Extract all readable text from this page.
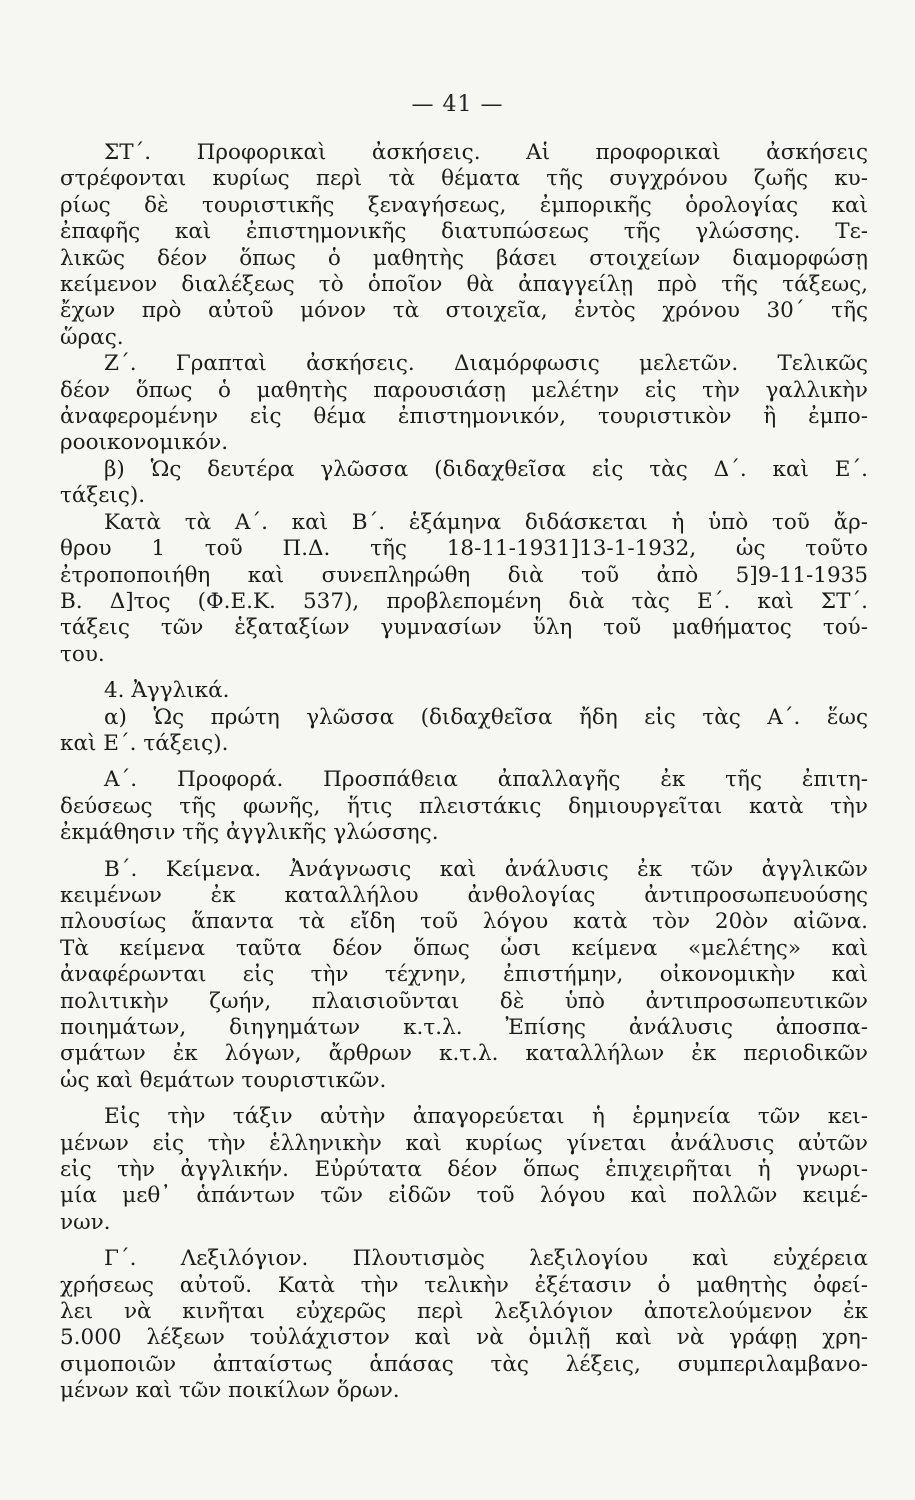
— 41 —
ΣΤ΄. Προφορικαὶ ἀσκήσεις. Αἱ προφορικαὶ ἀσκήσεις
στρέφονται κυρίως περὶ τὰ θέματα τῆς συγχρόνου ζωῆς κυ-
ρίως δὲ τουριστικῆς ξεναγήσεως, ἐμπορικῆς ὁρολογίας καὶ
ἐπαφῆς καὶ ἐπιστημονικῆς διατυπώσεως τῆς γλώσσης. Τε-
λικῶς δέον ὅπως ὁ μαθητὴς βάσει στοιχείων διαμορφώσῃ
κείμενον διαλέξεως τὸ ὁποῖον θὰ ἀπαγγείλῃ πρὸ τῆς τάξεως,
ἔχων πρὸ αὐτοῦ μόνον τὰ στοιχεῖα, ἐντὸς χρόνου 30΄ τῆς
ὥρας.
Ζ΄. Γραπταὶ ἀσκήσεις. Διαμόρφωσις μελετῶν. Τελικῶς
δέον ὅπως ὁ μαθητὴς παρουσιάσῃ μελέτην εἰς τὴν γαλλικὴν
ἀναφερομένην εἰς θέμα ἐπιστημονικόν, τουριστικὸν ἢ ἐμπο-
ροοικονομικόν.
β) Ὡς δευτέρα γλῶσσα (διδαχθεῖσα εἰς τὰς Δ΄. καὶ Ε΄.
τάξεις).
Κατὰ τὰ Α΄. καὶ Β΄. ἑξάμηνα διδάσκεται ἡ ὑπὸ τοῦ ἄρ-
θρου 1 τοῦ Π.Δ. τῆς 18-11-1931]13-1-1932, ὡς τοῦτο
ἐτροποποιήθη καὶ συνεπληρώθη διὰ τοῦ ἀπὸ 5]9-11-1935
Β. Δ]τος (Φ.Ε.Κ. 537), προβλεπομένη διὰ τὰς Ε΄. καὶ ΣΤ΄.
τάξεις τῶν ἑξαταξίων γυμνασίων ὕλη τοῦ μαθήματος τού-
του.
4. Ἀγγλικά.
α) Ὡς πρώτη γλῶσσα (διδαχθεῖσα ἤδη εἰς τὰς Α΄. ἕως
καὶ Ε΄. τάξεις).
Α΄. Προφορά. Προσπάθεια ἀπαλλαγῆς ἐκ τῆς ἐπιτη-
δεύσεως τῆς φωνῆς, ἥτις πλειστάκις δημιουργεῖται κατὰ τὴν
ἐκμάθησιν τῆς ἀγγλικῆς γλώσσης.
Β΄. Κείμενα. Ἀνάγνωσις καὶ ἀνάλυσις ἐκ τῶν ἀγγλικῶν
κειμένων ἐκ καταλλήλου ἀνθολογίας ἀντιπροσωπευούσης
πλουσίως ἅπαντα τὰ εἴδη τοῦ λόγου κατὰ τὸν 20ὸν αἰῶνα.
Τὰ κείμενα ταῦτα δέον ὅπως ὦσι κείμενα «μελέτης» καὶ
ἀναφέρωνται εἰς τὴν τέχνην, ἐπιστήμην, οἰκονομικὴν καὶ
πολιτικὴν ζωήν, πλαισιοῦνται δὲ ὑπὸ ἀντιπροσωπευτικῶν
ποιημάτων, διηγημάτων κ.τ.λ. Ἐπίσης ἀνάλυσις ἀποσπα-
σμάτων ἐκ λόγων, ἄρθρων κ.τ.λ. καταλλήλων ἐκ περιοδικῶν
ὡς καὶ θεμάτων τουριστικῶν.
Εἰς τὴν τάξιν αὐτὴν ἀπαγορεύεται ἡ ἑρμηνεία τῶν κει-
μένων εἰς τὴν ἑλληνικὴν καὶ κυρίως γίνεται ἀνάλυσις αὐτῶν
εἰς τὴν ἀγγλικήν. Εὐρύτατα δέον ὅπως ἐπιχειρῆται ἡ γνωρι-
μία μεθ᾽ ἁπάντων τῶν εἰδῶν τοῦ λόγου καὶ πολλῶν κειμέ-
νων.
Γ΄. Λεξιλόγιον. Πλουτισμὸς λεξιλογίου καὶ εὐχέρεια
χρήσεως αὐτοῦ. Κατὰ τὴν τελικὴν ἐξέτασιν ὁ μαθητὴς ὀφεί-
λει νὰ κινῆται εὐχερῶς περὶ λεξιλόγιον ἀποτελούμενον ἐκ
5.000 λέξεων τοὐλάχιστον καὶ νὰ ὁμιλῇ καὶ νὰ γράφῃ χρη-
σιμοποιῶν ἀπταίστως ἁπάσας τὰς λέξεις, συμπεριλαμβανο-
μένων καὶ τῶν ποικίλων ὅρων.
